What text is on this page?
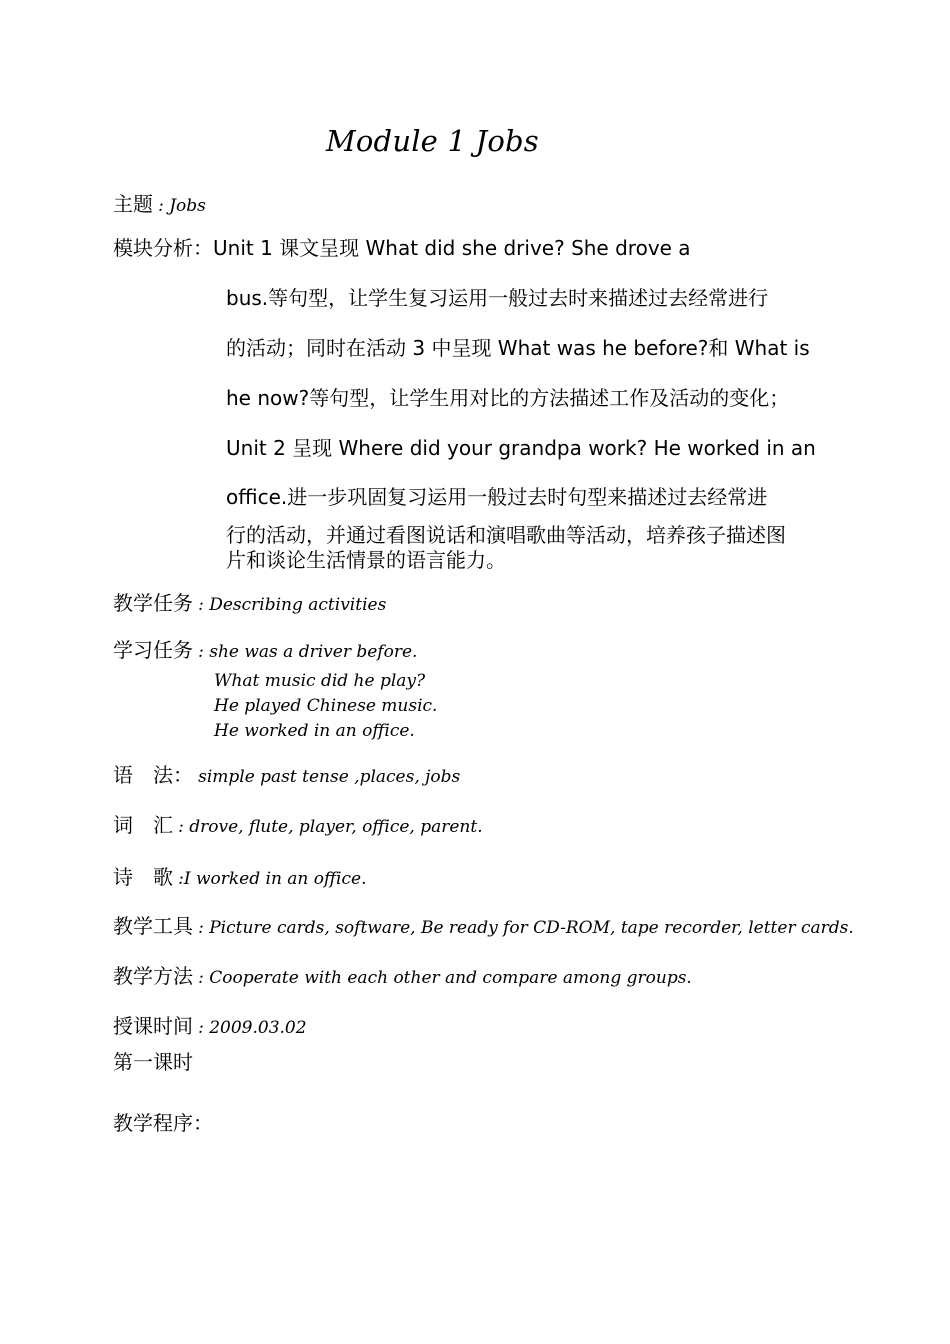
Module 1 Jobs
主题 : Jobs
模块分析：Unit 1 课文呈现 What did she drive? She drove a
bus.等句型，让学生复习运用一般过去时来描述过去经常进行
的活动；同时在活动 3 中呈现 What was he before?和 What is
he now?等句型，让学生用对比的方法描述工作及活动的变化；
Unit 2 呈现 Where did your grandpa work? He worked in an
office.进一步巩固复习运用一般过去时句型来描述过去经常进
行的活动，并通过看图说话和演唱歌曲等活动，培养孩子描述图
片和谈论生活情景的语言能力。
教学任务 : Describing activities
学习任务 : she was a driver before.
What music did he play?
He played Chinese music.
He worked in an office.
语　法： simple past tense ,places, jobs
词　汇 : drove, flute, player, office, parent.
诗　歌 :I worked in an office.
教学工具 : Picture cards, software, Be ready for CD-ROM, tape recorder, letter cards.
教学方法 : Cooperate with each other and compare among groups.
授课时间 : 2009.03.02
第一课时
教学程序：
